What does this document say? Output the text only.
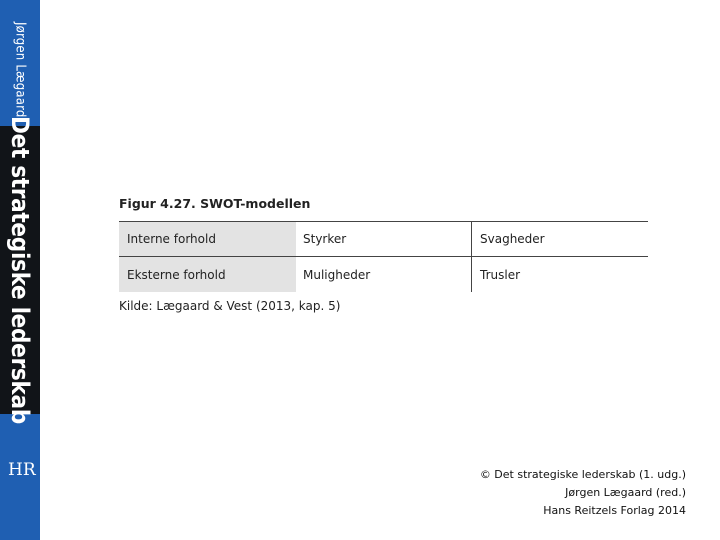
Jørgen Lægaard
Det strategiske lederskab
HR
Figur 4.27. SWOT-modellen
Interne forhold	Styrker	Svagheder
Eksterne forhold	Muligheder	Trusler
Kilde: Lægaard & Vest (2013, kap. 5)
© Det strategiske lederskab (1. udg.)
Jørgen Lægaard (red.)
Hans Reitzels Forlag 2014
